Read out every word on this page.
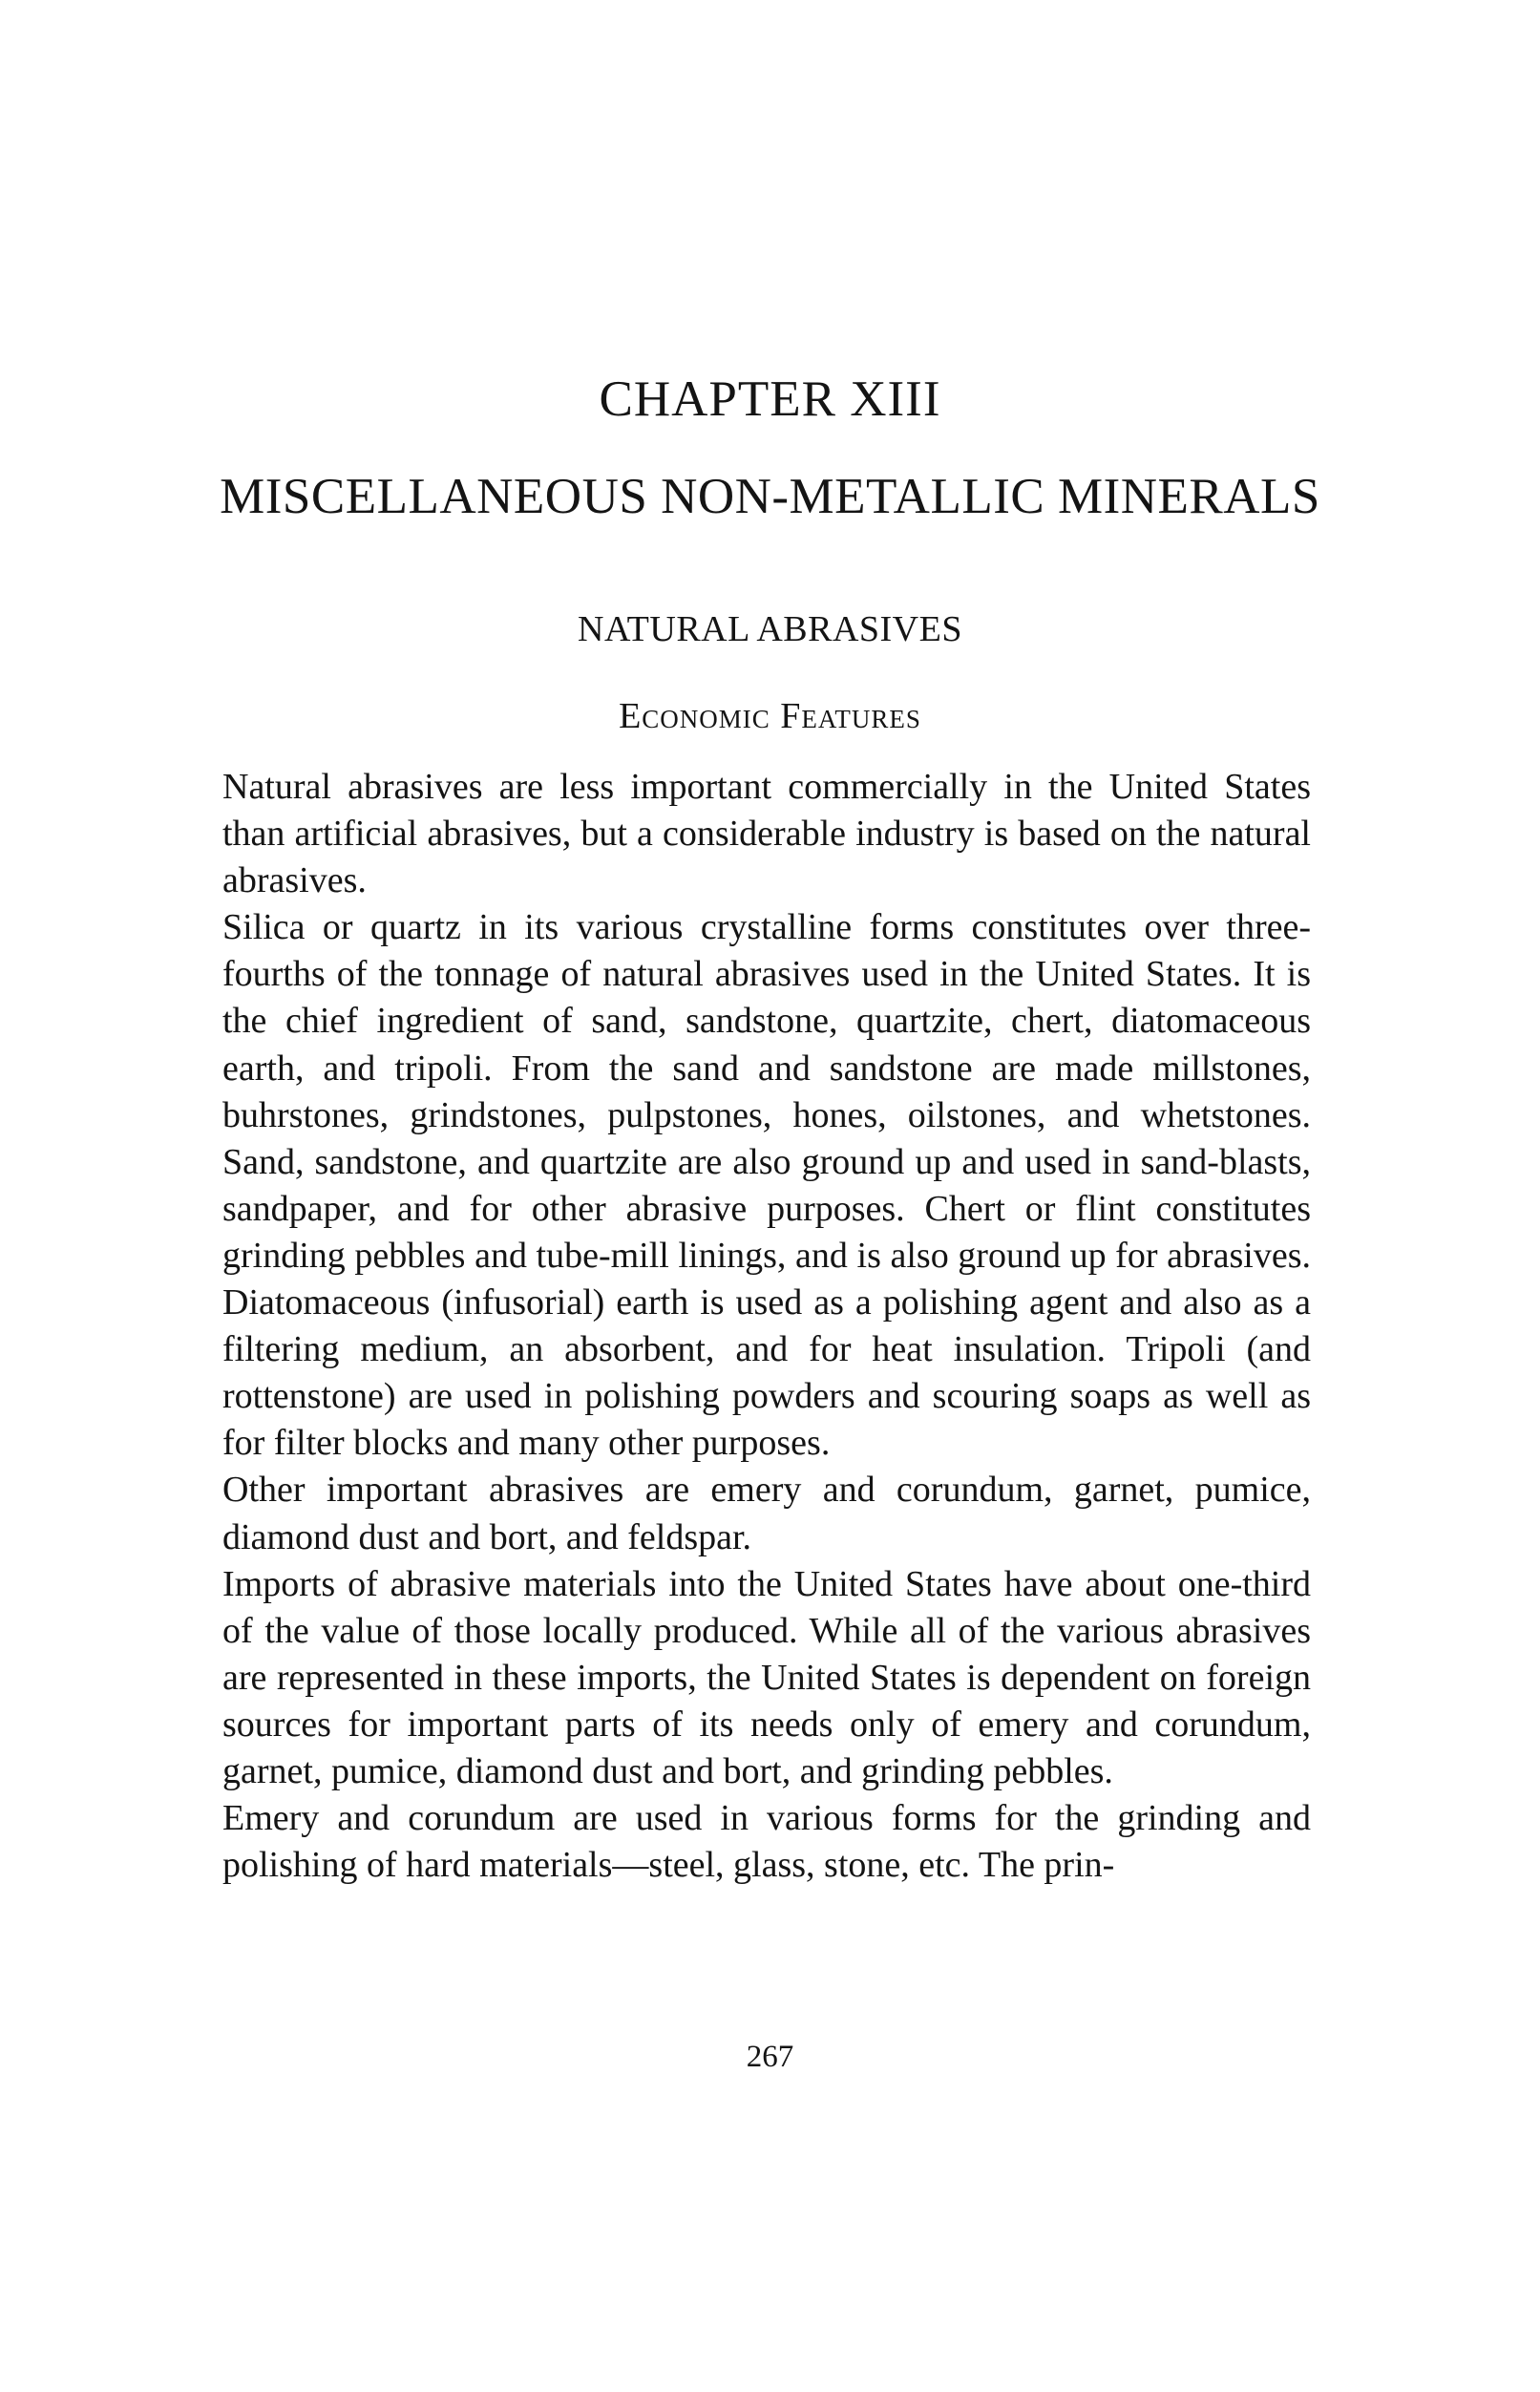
CHAPTER XIII
MISCELLANEOUS NON-METALLIC MINERALS
NATURAL ABRASIVES
Economic Features

Natural abrasives are less important commercially in the United States than artificial abrasives, but a considerable industry is based on the natural abrasives.

Silica or quartz in its various crystalline forms constitutes over three-fourths of the tonnage of natural abrasives used in the United States. It is the chief ingredient of sand, sandstone, quartzite, chert, diatomaceous earth, and tripoli. From the sand and sandstone are made millstones, buhrstones, grindstones, pulpstones, hones, oilstones, and whetstones. Sand, sandstone, and quartzite are also ground up and used in sand-blasts, sandpaper, and for other abrasive purposes. Chert or flint constitutes grinding pebbles and tube-mill linings, and is also ground up for abrasives. Diatomaceous (infusorial) earth is used as a polishing agent and also as a filtering medium, an absorbent, and for heat insulation. Tripoli (and rottenstone) are used in polishing powders and scouring soaps as well as for filter blocks and many other purposes.

Other important abrasives are emery and corundum, garnet, pumice, diamond dust and bort, and feldspar.

Imports of abrasive materials into the United States have about one-third of the value of those locally produced. While all of the various abrasives are represented in these imports, the United States is dependent on foreign sources for important parts of its needs only of emery and corundum, garnet, pumice, diamond dust and bort, and grinding pebbles.

Emery and corundum are used in various forms for the grinding and polishing of hard materials—steel, glass, stone, etc. The prin-

267
